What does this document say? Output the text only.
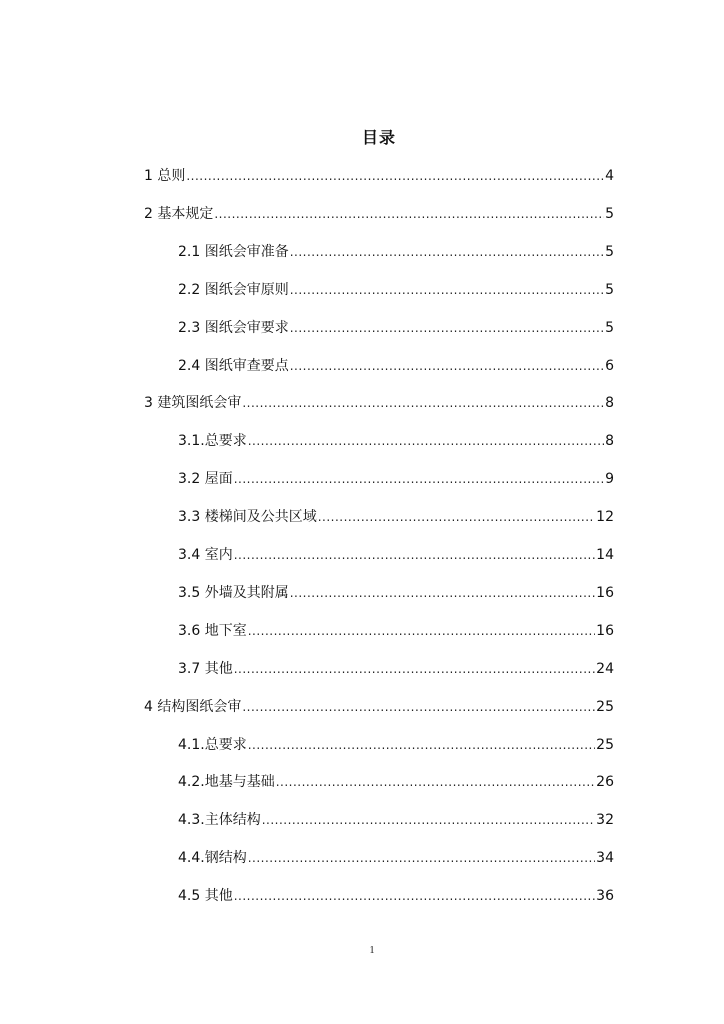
目录
1 总则 .....	4
2 基本规定 .....	5
2.1 图纸会审准备 .....	5
2.2 图纸会审原则 .....	5
2.3 图纸会审要求 .....	5
2.4 图纸审查要点 .....	6
3 建筑图纸会审 .....	8
3.1.总要求 .....	8
3.2 屋面 .....	9
3.3 楼梯间及公共区域 .....	12
3.4 室内 .....	14
3.5 外墙及其附属 .....	16
3.6 地下室 .....	16
3.7 其他 .....	24
4 结构图纸会审 .....	25
4.1.总要求 .....	25
4.2.地基与基础 .....	26
4.3.主体结构 .....	32
4.4.钢结构 .....	34
4.5 其他 .....	36
1
